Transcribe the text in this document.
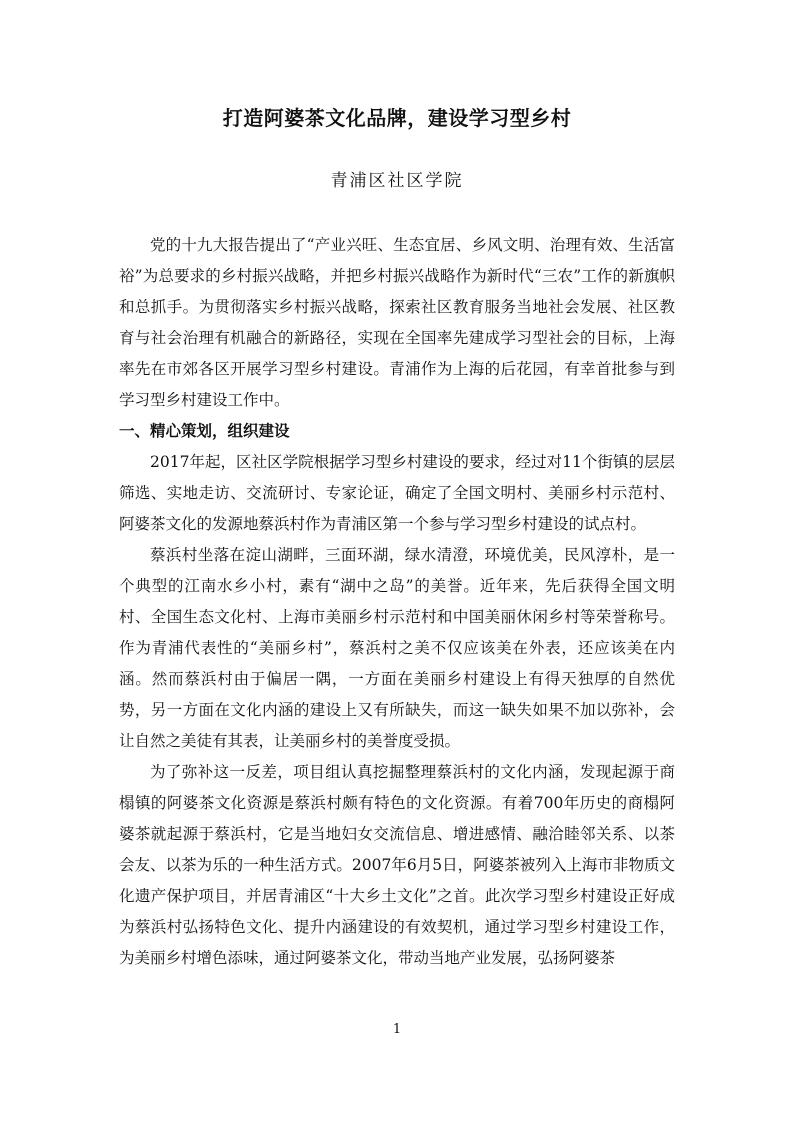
打造阿婆茶文化品牌，建设学习型乡村
青浦区社区学院

党的十九大报告提出了“产业兴旺、生态宜居、乡风文明、治理有效、生活富裕”为总要求的乡村振兴战略，并把乡村振兴战略作为新时代“三农”工作的新旗帜和总抓手。为贯彻落实乡村振兴战略，探索社区教育服务当地社会发展、社区教育与社会治理有机融合的新路径，实现在全国率先建成学习型社会的目标，上海率先在市郊各区开展学习型乡村建设。青浦作为上海的后花园，有幸首批参与到学习型乡村建设工作中。

一、精心策划，组织建设

2017年起，区社区学院根据学习型乡村建设的要求，经过对11个街镇的层层筛选、实地走访、交流研讨、专家论证，确定了全国文明村、美丽乡村示范村、阿婆茶文化的发源地蔡浜村作为青浦区第一个参与学习型乡村建设的试点村。

蔡浜村坐落在淀山湖畔，三面环湖，绿水清澄，环境优美，民风淳朴，是一个典型的江南水乡小村，素有“湖中之岛”的美誉。近年来，先后获得全国文明村、全国生态文化村、上海市美丽乡村示范村和中国美丽休闲乡村等荣誉称号。作为青浦代表性的“美丽乡村”，蔡浜村之美不仅应该美在外表，还应该美在内涵。然而蔡浜村由于偏居一隅，一方面在美丽乡村建设上有得天独厚的自然优势，另一方面在文化内涵的建设上又有所缺失，而这一缺失如果不加以弥补，会让自然之美徒有其表，让美丽乡村的美誉度受损。

为了弥补这一反差，项目组认真挖掘整理蔡浜村的文化内涵，发现起源于商榻镇的阿婆茶文化资源是蔡浜村颇有特色的文化资源。有着700年历史的商榻阿婆茶就起源于蔡浜村，它是当地妇女交流信息、增进感情、融洽睦邻关系、以茶会友、以茶为乐的一种生活方式。2007年6月5日，阿婆茶被列入上海市非物质文化遗产保护项目，并居青浦区“十大乡土文化”之首。此次学习型乡村建设正好成为蔡浜村弘扬特色文化、提升内涵建设的有效契机，通过学习型乡村建设工作，为美丽乡村增色添味，通过阿婆茶文化，带动当地产业发展，弘扬阿婆茶

1
